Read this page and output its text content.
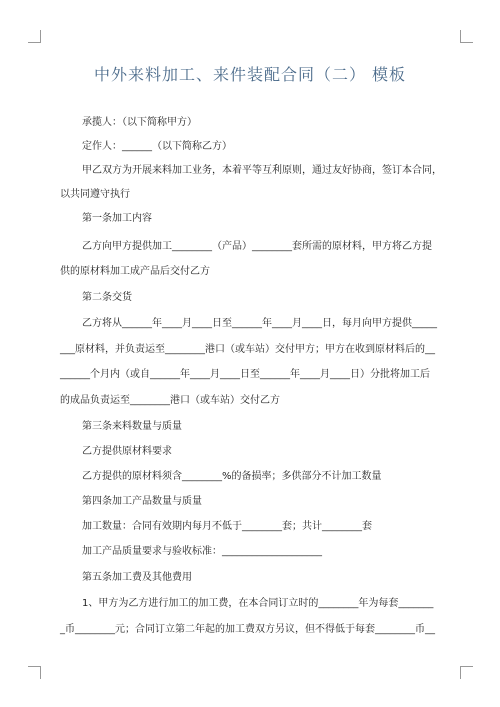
中外来料加工、来件装配合同（二） 模板
承揽人：（以下简称甲方）
定作人：______（以下简称乙方）
甲乙双方为开展来料加工业务，本着平等互利原则，通过友好协商，签订本合同，
以共同遵守执行
第一条加工内容
乙方向甲方提供加工________（产品）________套所需的原材料，甲方将乙方提
供的原材料加工成产品后交付乙方
第二条交货
乙方将从______年____月____日至______年____月____日，每月向甲方提供_____
___原材料，并负责运至________港口（或车站）交付甲方；甲方在收到原材料后的__
______个月内（或自______年____月____日至______年____月____日）分批将加工后
的成品负责运至________港口（或车站）交付乙方
第三条来料数量与质量
乙方提供原材料要求
乙方提供的原材料须含________%的备损率；多供部分不计加工数量
第四条加工产品数量与质量
加工数量：合同有效期内每月不低于________套；共计________套
加工产品质量要求与验收标准：____________________
第五条加工费及其他费用
1、甲方为乙方进行加工的加工费，在本合同订立时的________年为每套_______
_币________元；合同订立第二年起的加工费双方另议，但不得低于每套________币__
